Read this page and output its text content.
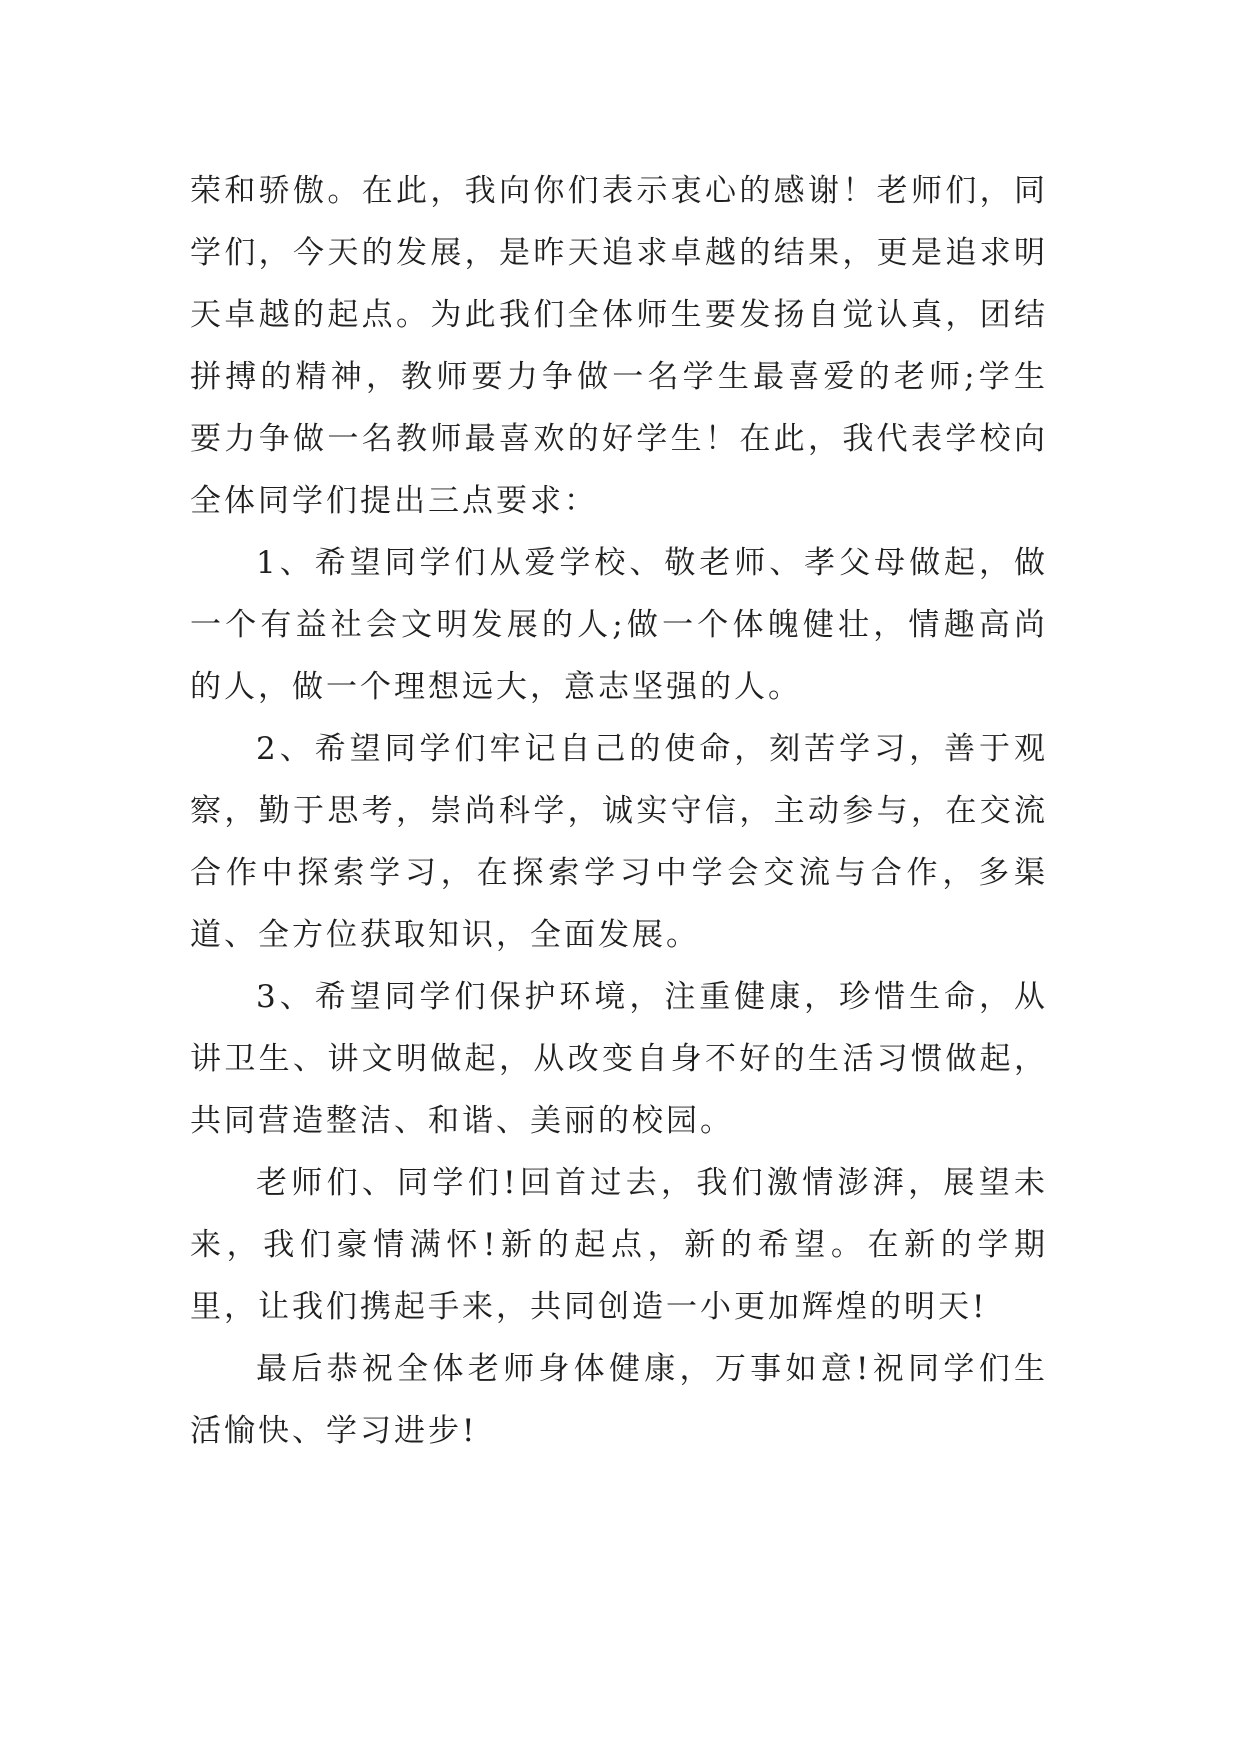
荣和骄傲。在此，我向你们表示衷心的感谢！老师们，同学们，今天的发展，是昨天追求卓越的结果，更是追求明天卓越的起点。为此我们全体师生要发扬自觉认真，团结拼搏的精神，教师要力争做一名学生最喜爱的老师;学生要力争做一名教师最喜欢的好学生！在此，我代表学校向全体同学们提出三点要求：

1、希望同学们从爱学校、敬老师、孝父母做起，做一个有益社会文明发展的人;做一个体魄健壮，情趣高尚的人，做一个理想远大，意志坚强的人。

2、希望同学们牢记自己的使命，刻苦学习，善于观察，勤于思考，崇尚科学，诚实守信，主动参与，在交流合作中探索学习，在探索学习中学会交流与合作，多渠道、全方位获取知识，全面发展。

3、希望同学们保护环境，注重健康，珍惜生命，从讲卫生、讲文明做起，从改变自身不好的生活习惯做起，共同营造整洁、和谐、美丽的校园。

老师们、同学们!回首过去，我们激情澎湃，展望未来，我们豪情满怀!新的起点，新的希望。在新的学期里，让我们携起手来，共同创造一小更加辉煌的明天!

最后恭祝全体老师身体健康，万事如意!祝同学们生活愉快、学习进步!
